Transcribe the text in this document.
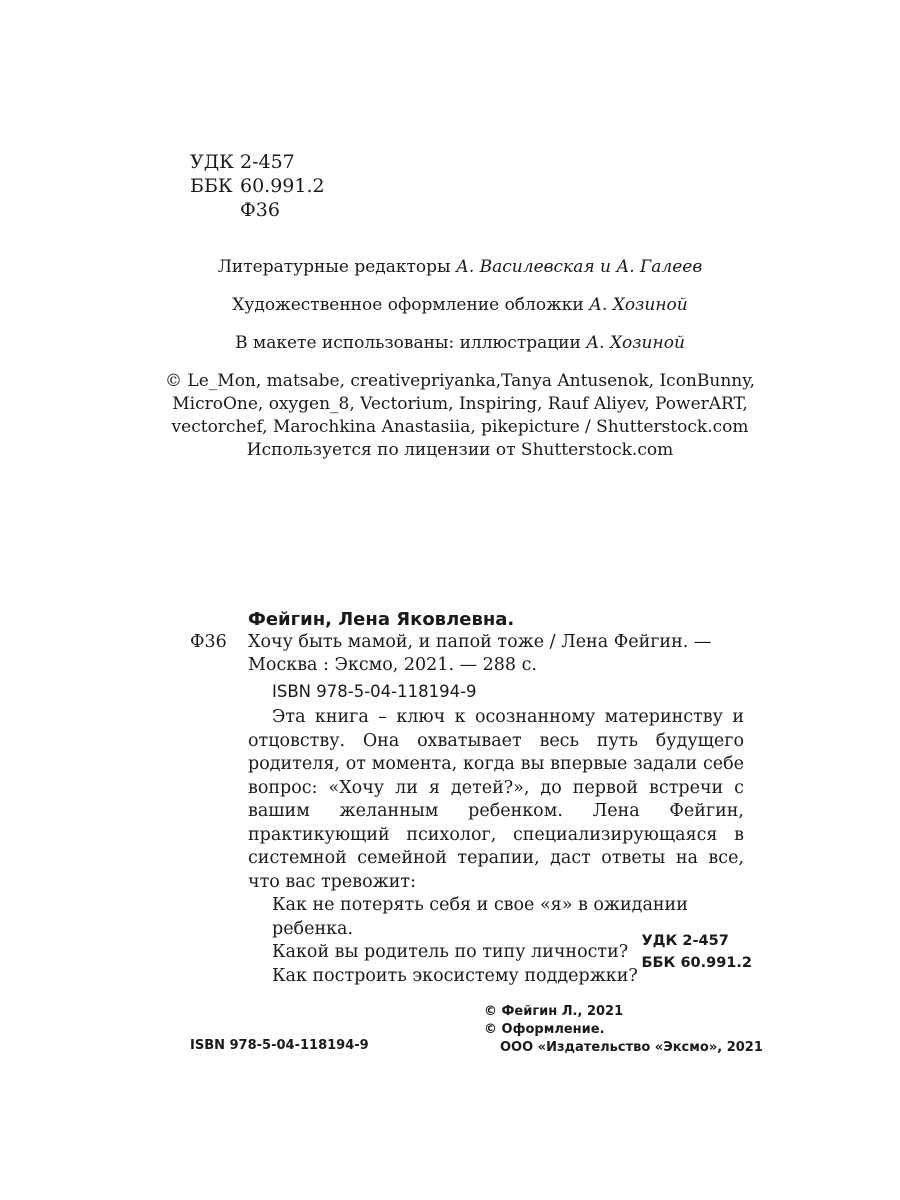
УДК 2-457
ББК 60.991.2
Ф36
Литературные редакторы А. Василевская и А. Галеев
Художественное оформление обложки А. Хозиной
В макете использованы: иллюстрации А. Хозиной
© Le_Mon, matsabe, creativepriyanka,Tanya Antusenok, IconBunny,
MicroOne, oxygen_8, Vectorium, Inspiring, Rauf Aliyev, PowerART,
vectorchef, Marochkina Anastasiia, pikepicture / Shutterstock.com
Используется по лицензии от Shutterstock.com
Фейгин, Лена Яковлевна.
Ф36	Хочу быть мамой, и папой тоже / Лена Фейгин. —
Москва : Эксмо, 2021. — 288 с.
ISBN 978-5-04-118194-9
Эта книга – ключ к осознанному материнству и отцовству. Она охватывает весь путь будущего родителя, от момента, когда вы впервые задали себе вопрос: «Хочу ли я детей?», до первой встречи с вашим желанным ребенком. Лена Фейгин, практикующий психолог, специализирующаяся в системной семейной терапии, даст ответы на все, что вас тревожит:
Как не потерять себя и свое «я» в ожидании ребенка.
Какой вы родитель по типу личности?
Как построить экосистему поддержки?
УДК 2-457
ББК 60.991.2
© Фейгин Л., 2021
© Оформление.
ООО «Издательство «Эксмо», 2021
ISBN 978-5-04-118194-9
